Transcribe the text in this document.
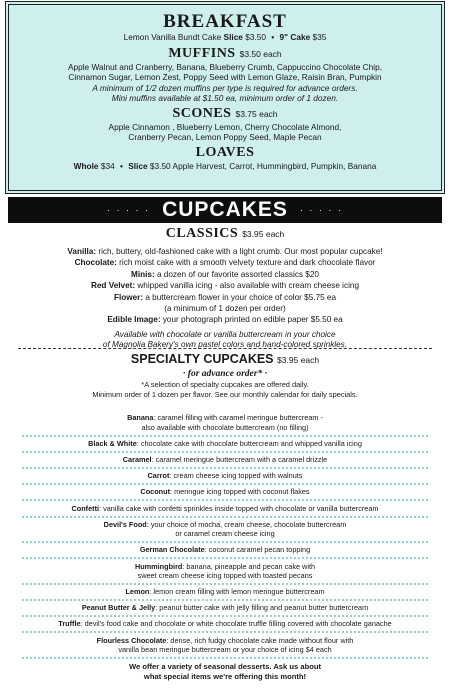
BREAKFAST
Lemon Vanilla Bundt Cake Slice $3.50 • 9" Cake $35
MUFFINS $3.50 each
Apple Walnut and Cranberry, Banana, Blueberry Crumb, Cappuccino Chocolate Chip,
Cinnamon Sugar, Lemon Zest, Poppy Seed with Lemon Glaze, Raisin Bran, Pumpkin
A minimum of 1/2 dozen muffins per type is required for advance orders.
Mini muffins available at $1.50 ea, minimum order of 1 dozen.
SCONES $3.75 each
Apple Cinnamon , Blueberry Lemon, Cherry Chocolate Almond,
Cranberry Pecan, Lemon Poppy Seed, Maple Pecan
LOAVES
Whole $34 • Slice $3.50 Apple Harvest, Carrot, Hummingbird, Pumpkin, Banana
· · · · · CUPCAKES	· · · · ·
CLASSICS $3.95 each
Vanilla: rich, buttery, old-fashioned cake with a light crumb. Our most popular cupcake!
Chocolate: rich moist cake with a smooth velvety texture and dark chocolate flavor
Minis: a dozen of our favorite assorted classics $20
Red Velvet: whipped vanilla icing - also available with cream cheese icing
Flower: a buttercream flower in your choice of color $5.75 ea
(a minimum of 1 dozen per order)
Edible Image: your photograph printed on edible paper $5.50 ea
Available with chocolate or vanilla buttercream in your choice
of Magnolia Bakery's own pastel colors and hand-colored sprinkles.
SPECIALTY CUPCAKES $3.95 each
· for advance order* ·
*A selection of specialty cupcakes are offered daily.
Minimum order of 1 dozen per flavor. See our monthly calendar for daily specials.
Banana: caramel filling with caramel meringue buttercream -
also available with chocolate buttercream (no filling)
Black & White: chocolate cake with chocolate buttercream and whipped vanilla icing
Caramel: caramel meringue buttercream with a caramel drizzle
Carrot: cream cheese icing topped with walnuts
Coconut: meringue icing topped with coconut flakes
Confetti: vanilla cake with confetti sprinkles inside topped with chocolate or vanilla buttercream
Devil's Food: your choice of mocha, cream cheese, chocolate buttercream
or caramel cream cheese icing
German Chocolate: coconut caramel pecan topping
Hummingbird: banana, pineapple and pecan cake with
sweet cream cheese icing topped with toasted pecans
Lemon: lemon cream filling with lemon meringue buttercream
Peanut Butter & Jelly: peanut butter cake with jelly filling and peanut butter buttercream
Truffle: devil's food cake and chocolate or white chocolate truffle filling covered with chocolate ganache
Flourless Chocolate: dense, rich fudgy chocolate cake made without flour with
vanilla bean meringue buttercream or your choice of icing $4 each
We offer a variety of seasonal desserts. Ask us about
what special items we're offering this month!
